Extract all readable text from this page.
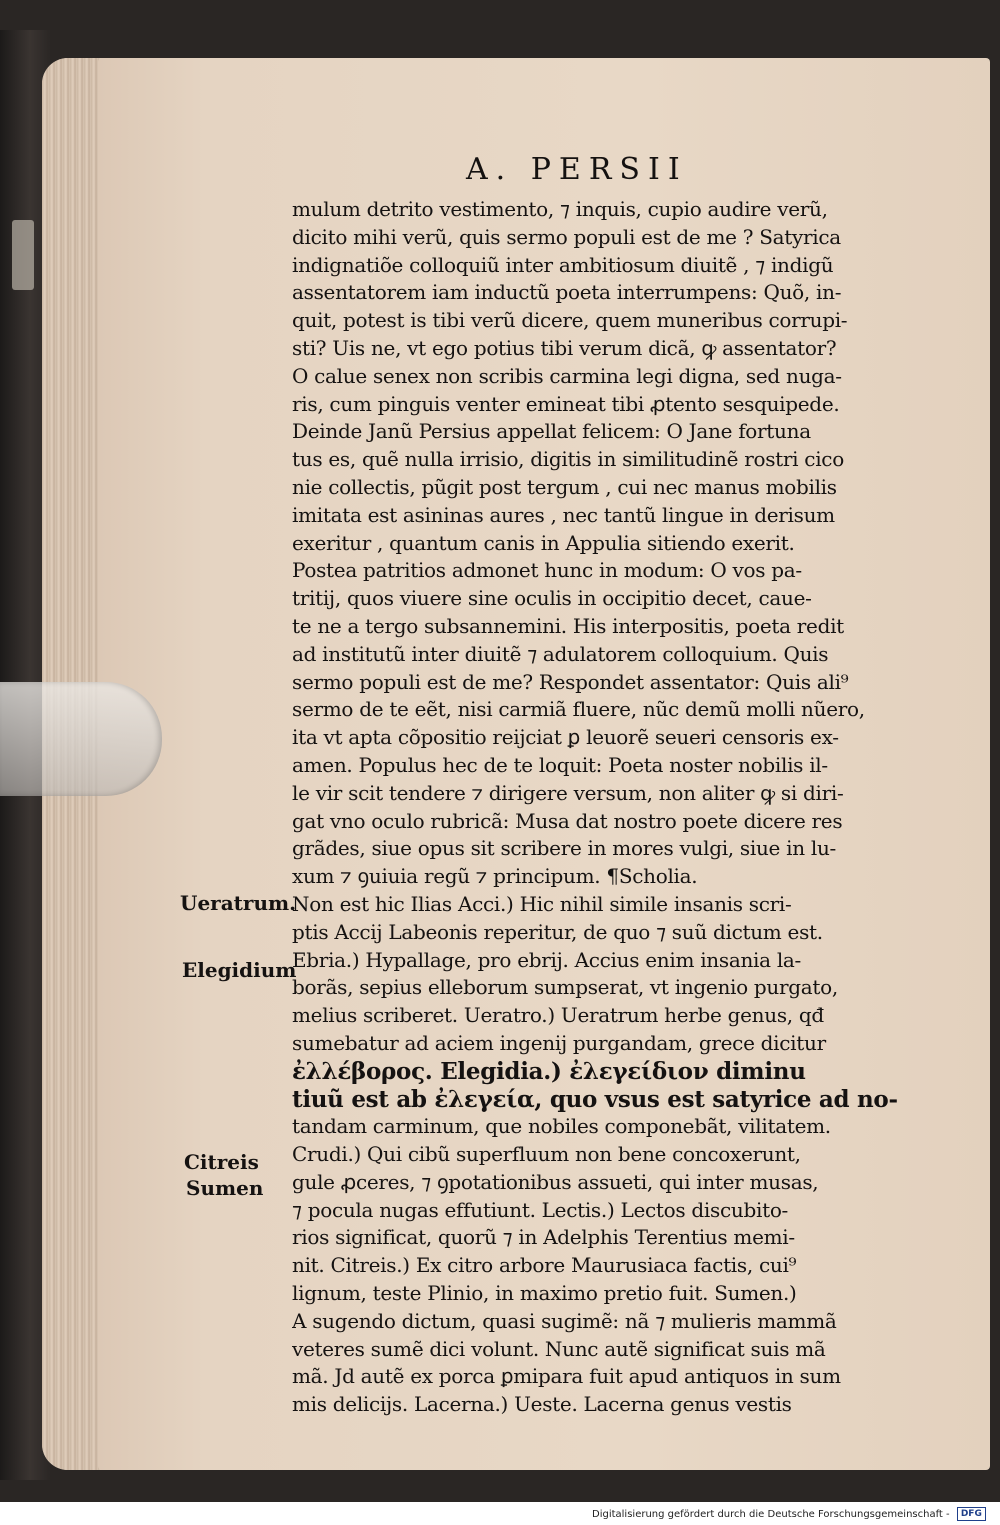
A. PERSII
mulum detrito vestimento, ⁊ inquis, cupio audire verũ,
dicito mihi verũ, quis sermo populi est de me ? Satyrica
indignatiõe colloquiũ inter ambitiosum diuitẽ , ⁊ indigũ
assentatorem iam inductũ poeta interrumpens: Quõ, in-
quit, potest is tibi verũ dicere, quem muneribus corrupi-
sti? Uis ne, vt ego potius tibi verum dicã, ꝙ assentator?
O calue senex non scribis carmina legi digna, sed nuga-
ris, cum pinguis venter emineat tibi ꝓtento sesquipede.
Deinde Janũ Persius appellat felicem: O Jane fortuna
tus es, quẽ nulla irrisio, digitis in similitudinẽ rostri cico
nie collectis, pũgit post tergum , cui nec manus mobilis
imitata est asininas aures , nec tantũ lingue in derisum
exeritur , quantum canis in Appulia sitiendo exerit.
Postea patritios admonet hunc in modum: O vos pa-
tritij, quos viuere sine oculis in occipitio decet, caue-
te ne a tergo subsannemini. His interpositis, poeta redit
ad institutũ inter diuitẽ ⁊ adulatorem colloquium. Quis
sermo populi est de me? Respondet assentator: Quis ali⁹
sermo de te eẽt, nisi carmiã fluere, nũc demũ molli nũero,
ita vt apta cõpositio reijciat ꝑ leuorẽ seueri censoris ex-
amen. Populus hec de te loquit: Poeta noster nobilis il-
le vir scit tendere ⁊ dirigere versum, non aliter ꝙ si diri-
gat vno oculo rubricã: Musa dat nostro poete dicere res
grãdes, siue opus sit scribere in mores vulgi, siue in lu-
xum ⁊ ꝯuiuia regũ ⁊ principum. ¶Scholia.
Non est hic Ilias Acci.) Hic nihil simile insanis scri-
ptis Accij Labeonis reperitur, de quo ⁊ suũ dictum est.
Ebria.) Hypallage, pro ebrij. Accius enim insania la-
borãs, sepius elleborum sumpserat, vt ingenio purgato,
melius scriberet. Ueratro.) Ueratrum herbe genus, qđ
sumebatur ad aciem ingenij purgandam, grece dicitur
ἐλλέβορος. Elegidia.) ἐλεγείδιον diminu
tiuũ est ab ἐλεγεία, quo vsus est satyrice ad no-
tandam carminum, que nobiles componebãt, vilitatem.
Crudi.) Qui cibũ superfluum non bene concoxerunt,
gule ꝓceres, ⁊ ꝯpotationibus assueti, qui inter musas,
⁊ pocula nugas effutiunt. Lectis.) Lectos discubito-
rios significat, quorũ ⁊ in Adelphis Terentius memi-
nit. Citreis.) Ex citro arbore Maurusiaca factis, cui⁹
lignum, teste Plinio, in maximo pretio fuit. Sumen.)
A sugendo dictum, quasi sugimẽ: nã ⁊ mulieris mammã
veteres sumẽ dici volunt. Nunc autẽ significat suis mã
mã. Jd autẽ ex porca ꝑmipara fuit apud antiquos in sum
mis delicijs. Lacerna.) Ueste. Lacerna genus vestis
Ueratrum.
Elegidium
Citreis
Sumen
Digitalisierung gefördert durch die Deutsche Forschungsgemeinschaft - DFG
